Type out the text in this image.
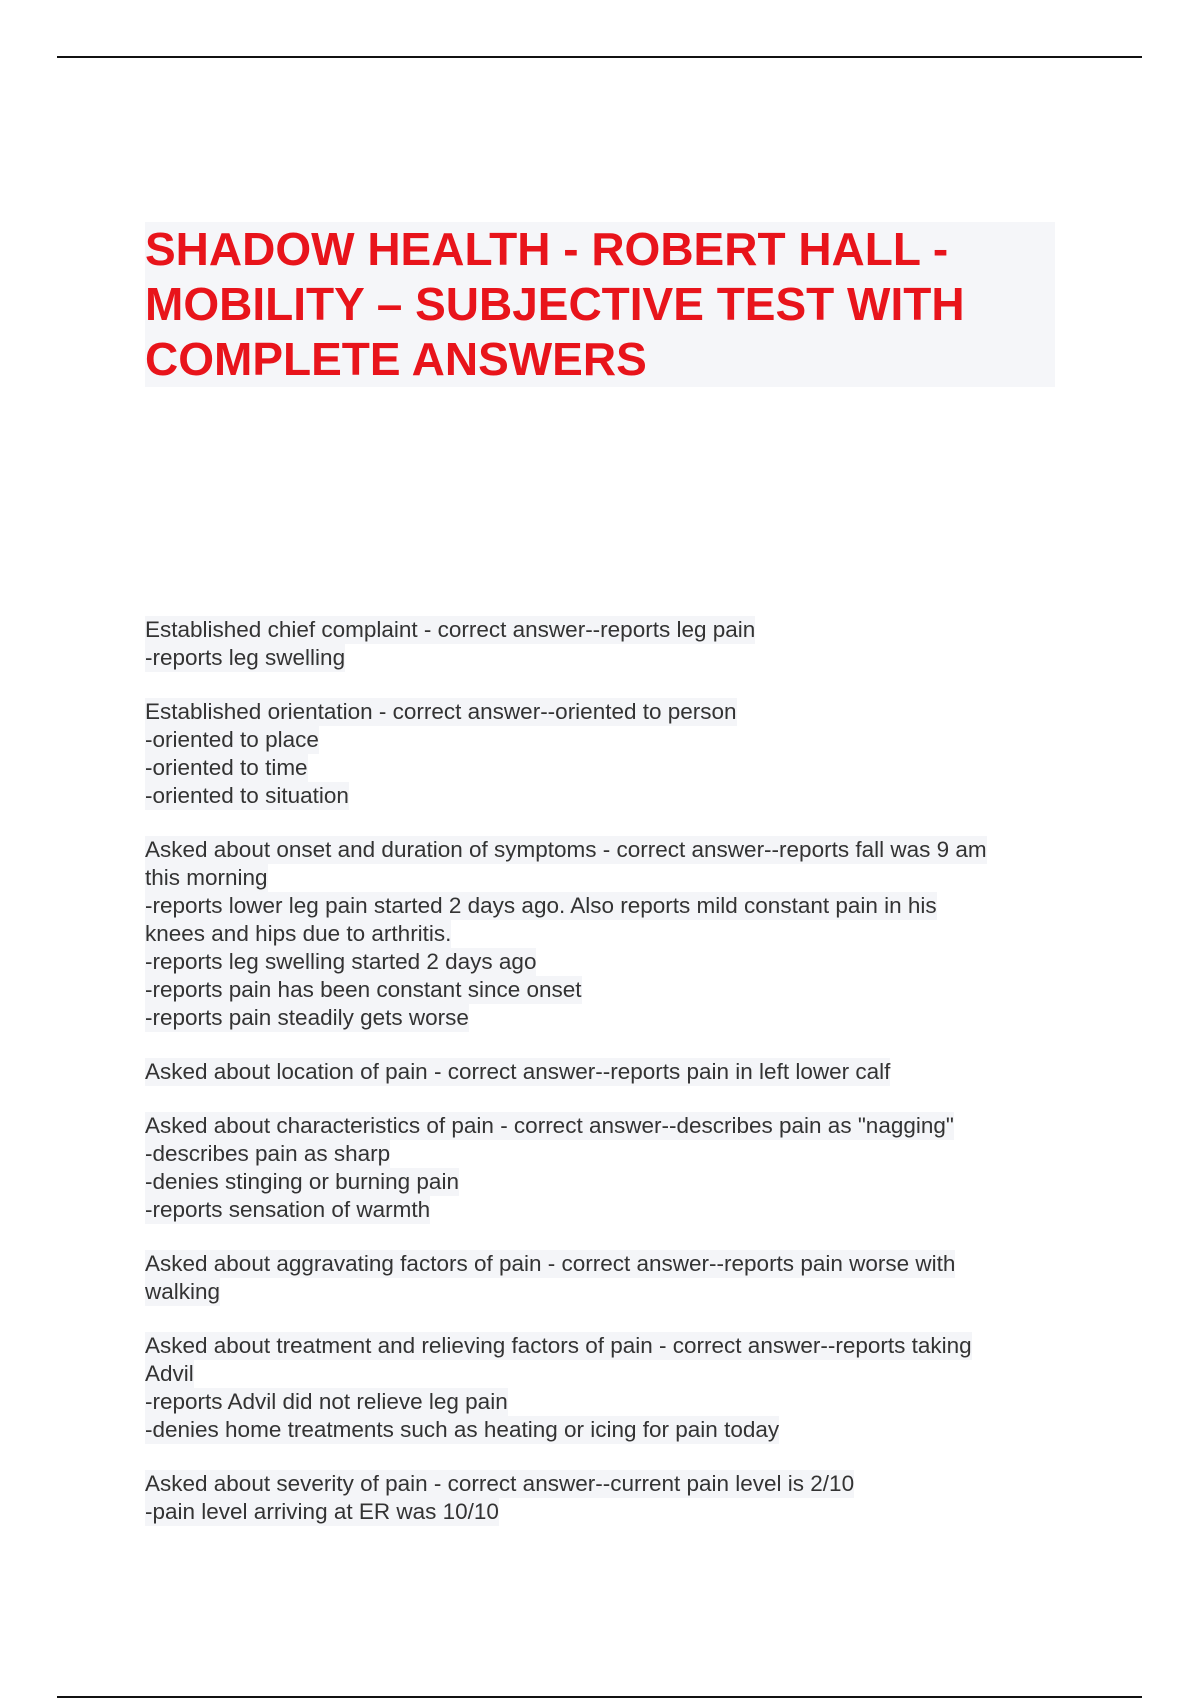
SHADOW HEALTH - ROBERT HALL -
MOBILITY – SUBJECTIVE TEST WITH
COMPLETE ANSWERS
Established chief complaint - correct answer--reports leg pain
-reports leg swelling
Established orientation - correct answer--oriented to person
-oriented to place
-oriented to time
-oriented to situation
Asked about onset and duration of symptoms - correct answer--reports fall was 9 am
this morning
-reports lower leg pain started 2 days ago. Also reports mild constant pain in his
knees and hips due to arthritis.
-reports leg swelling started 2 days ago
-reports pain has been constant since onset
-reports pain steadily gets worse
Asked about location of pain - correct answer--reports pain in left lower calf
Asked about characteristics of pain - correct answer--describes pain as "nagging"
-describes pain as sharp
-denies stinging or burning pain
-reports sensation of warmth
Asked about aggravating factors of pain - correct answer--reports pain worse with
walking
Asked about treatment and relieving factors of pain - correct answer--reports taking
Advil
-reports Advil did not relieve leg pain
-denies home treatments such as heating or icing for pain today
Asked about severity of pain - correct answer--current pain level is 2/10
-pain level arriving at ER was 10/10
